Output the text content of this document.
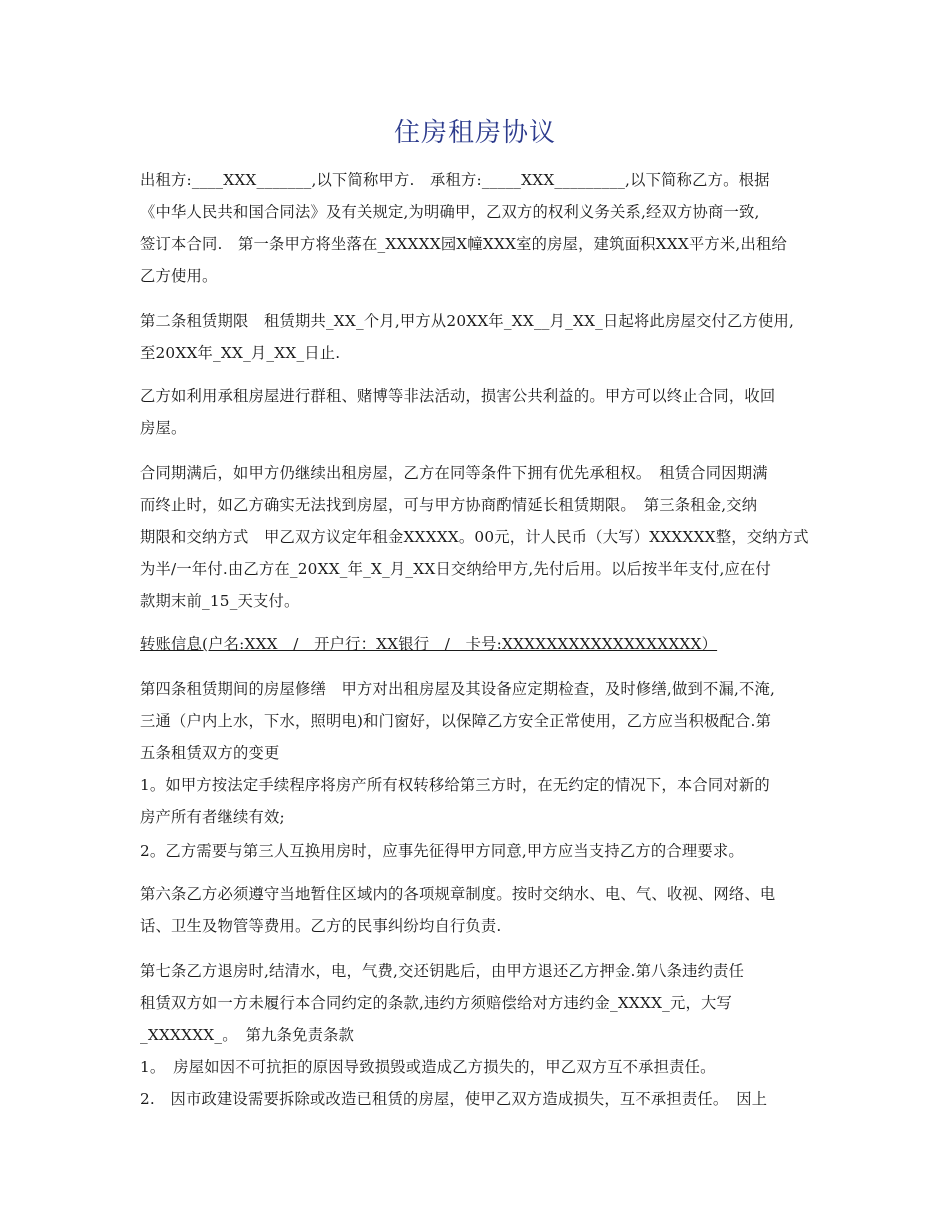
住房租房协议
出租方:____XXX_______,以下简称甲方.　承租方:_____XXX_________,以下简称乙方。根据
《中华人民共和国合同法》及有关规定,为明确甲，乙双方的权利义务关系,经双方协商一致,
签订本合同.　第一条甲方将坐落在_XXXXX园X幢XXX室的房屋，建筑面积XXX平方米,出租给
乙方使用。
第二条租赁期限　租赁期共_XX_个月,甲方从20XX年_XX__月_XX_日起将此房屋交付乙方使用,
至20XX年_XX_月_XX_日止.
乙方如利用承租房屋进行群租、赌博等非法活动，损害公共利益的。甲方可以终止合同，收回
房屋。
合同期满后，如甲方仍继续出租房屋，乙方在同等条件下拥有优先承租权。　租赁合同因期满
而终止时，如乙方确实无法找到房屋，可与甲方协商酌情延长租赁期限。　第三条租金,交纳
期限和交纳方式　甲乙双方议定年租金XXXXX。00元，计人民币（大写）XXXXXX整，交纳方式
为半/一年付.由乙方在_20XX_年_X_月_XX日交纳给甲方,先付后用。以后按半年支付,应在付
款期末前_15_天支付。
转账信息(户名:XXX　/　开户行：XX银行　/　卡号:XXXXXXXXXXXXXXXXXX）
第四条租赁期间的房屋修缮　甲方对出租房屋及其设备应定期检查，及时修缮,做到不漏,不淹,
三通（户内上水，下水，照明电)和门窗好，以保障乙方安全正常使用，乙方应当积极配合.第
五条租赁双方的变更
1。如甲方按法定手续程序将房产所有权转移给第三方时，在无约定的情况下，本合同对新的
房产所有者继续有效;
2。乙方需要与第三人互换用房时，应事先征得甲方同意,甲方应当支持乙方的合理要求。
第六条乙方必须遵守当地暂住区域内的各项规章制度。按时交纳水、电、气、收视、网络、电
话、卫生及物管等费用。乙方的民事纠纷均自行负责.
第七条乙方退房时,结清水，电，气费,交还钥匙后，由甲方退还乙方押金.第八条违约责任
租赁双方如一方未履行本合同约定的条款,违约方须赔偿给对方违约金_XXXX_元，大写
_XXXXXX_。　第九条免责条款
1。　房屋如因不可抗拒的原因导致损毁或造成乙方损失的，甲乙双方互不承担责任。
2.　因市政建设需要拆除或改造已租赁的房屋，使甲乙双方造成损失，互不承担责任。　因上
